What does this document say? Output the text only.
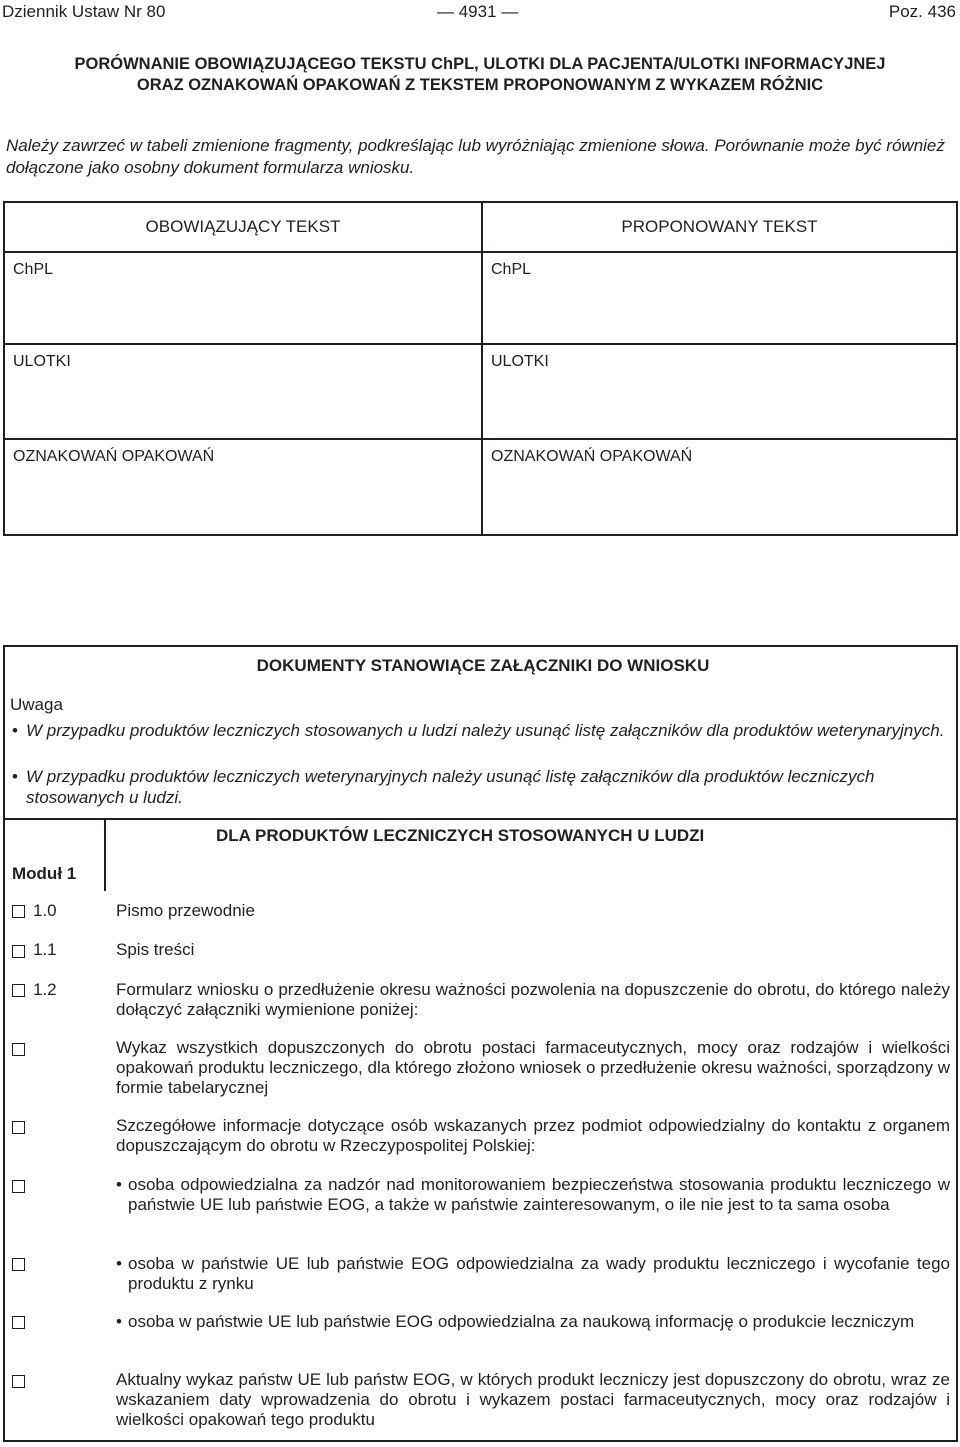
Dziennik Ustaw Nr 80	— 4931 —	Poz. 436
PORÓWNANIE OBOWIĄZUJĄCEGO TEKSTU ChPL, ULOTKI DLA PACJENTA/ULOTKI INFORMACYJNEJ
ORAZ OZNAKOWAŃ OPAKOWAŃ Z TEKSTEM PROPONOWANYM Z WYKAZEM RÓŻNIC
Należy zawrzeć w tabeli zmienione fragmenty, podkreślając lub wyróżniając zmienione słowa. Porównanie może być również dołączone jako osobny dokument formularza wniosku.
OBOWIĄZUJĄCY TEKST	PROPONOWANY TEKST
ChPL	ChPL
ULOTKI	ULOTKI
OZNAKOWAŃ OPAKOWAŃ	OZNAKOWAŃ OPAKOWAŃ
DOKUMENTY STANOWIĄCE ZAŁĄCZNIKI DO WNIOSKU
Uwaga
• W przypadku produktów leczniczych stosowanych u ludzi należy usunąć listę załączników dla produktów weterynaryjnych.
• W przypadku produktów leczniczych weterynaryjnych należy usunąć listę załączników dla produktów leczniczych stosowanych u ludzi.
DLA PRODUKTÓW LECZNICZYCH STOSOWANYCH U LUDZI
Moduł 1
1.0	Pismo przewodnie
1.1	Spis treści
1.2	Formularz wniosku o przedłużenie okresu ważności pozwolenia na dopuszczenie do obrotu, do którego należy dołączyć załączniki wymienione poniżej:
Wykaz wszystkich dopuszczonych do obrotu postaci farmaceutycznych, mocy oraz rodzajów i wielkości opakowań produktu leczniczego, dla którego złożono wniosek o przedłużenie okresu ważności, sporządzony w formie tabelarycznej
Szczegółowe informacje dotyczące osób wskazanych przez podmiot odpowiedzialny do kontaktu z organem dopuszczającym do obrotu w Rzeczypospolitej Polskiej:
• osoba odpowiedzialna za nadzór nad monitorowaniem bezpieczeństwa stosowania produktu leczniczego w państwie UE lub państwie EOG, a także w państwie zainteresowanym, o ile nie jest to ta sama osoba
• osoba w państwie UE lub państwie EOG odpowiedzialna za wady produktu leczniczego i wycofanie tego produktu z rynku
• osoba w państwie UE lub państwie EOG odpowiedzialna za naukową informację o produkcie leczniczym
Aktualny wykaz państw UE lub państw EOG, w których produkt leczniczy jest dopuszczony do obrotu, wraz ze wskazaniem daty wprowadzenia do obrotu i wykazem postaci farmaceutycznych, mocy oraz rodzajów i wielkości opakowań tego produktu
